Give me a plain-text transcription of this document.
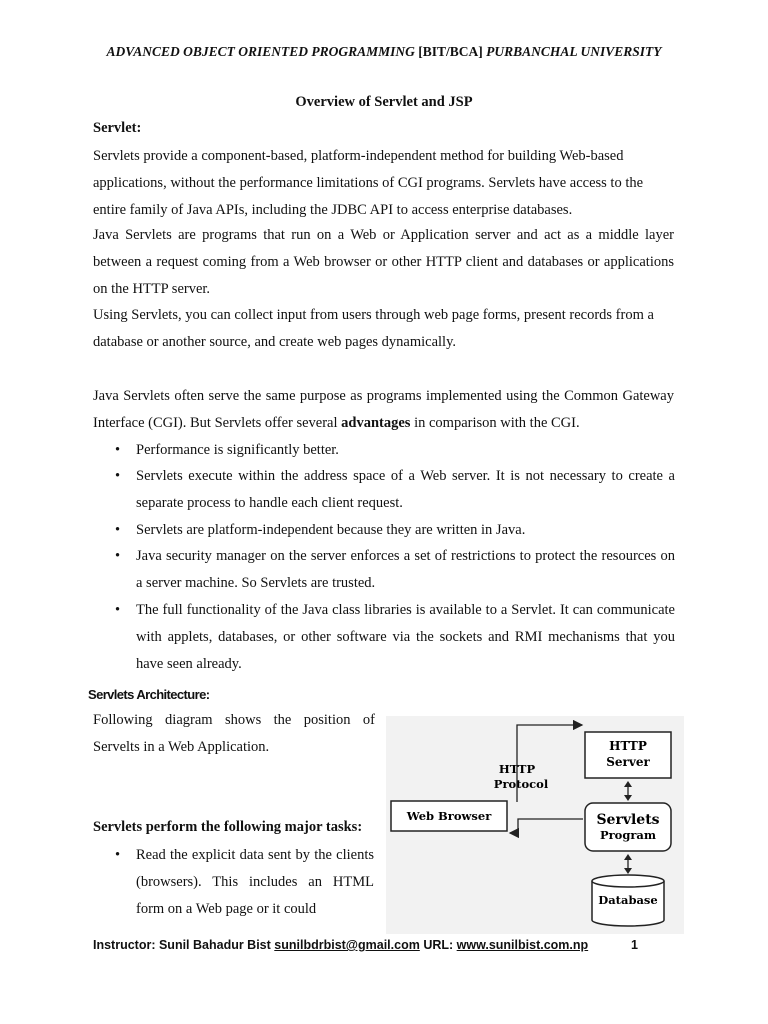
ADVANCED OBJECT ORIENTED PROGRAMMING [BIT/BCA] PURBANCHAL UNIVERSITY
Overview of Servlet and JSP
Servlet:
Servlets provide a component-based, platform-independent method for building Web-based applications, without the performance limitations of CGI programs. Servlets have access to the entire family of Java APIs, including the JDBC API to access enterprise databases.
Java Servlets are programs that run on a Web or Application server and act as a middle layer between a request coming from a Web browser or other HTTP client and databases or applications on the HTTP server.
Using Servlets, you can collect input from users through web page forms, present records from a database or another source, and create web pages dynamically.
Java Servlets often serve the same purpose as programs implemented using the Common Gateway Interface (CGI). But Servlets offer several advantages in comparison with the CGI.
• Performance is significantly better.
• Servlets execute within the address space of a Web server. It is not necessary to create a separate process to handle each client request.
• Servlets are platform-independent because they are written in Java.
• Java security manager on the server enforces a set of restrictions to protect the resources on a server machine. So Servlets are trusted.
• The full functionality of the Java class libraries is available to a Servlet. It can communicate with applets, databases, or other software via the sockets and RMI mechanisms that you have seen already.
Servlets Architecture:
Following diagram shows the position of Servelts in a Web Application.
Servlets perform the following major tasks:
• Read the explicit data sent by the clients (browsers). This includes an HTML form on a Web page or it could
HTTP
Server
HTTP
Protocol
Web Browser	Servlets
Program
Database
Instructor: Sunil Bahadur Bist sunilbdrbist@gmail.com URL: www.sunilbist.com.np	1
